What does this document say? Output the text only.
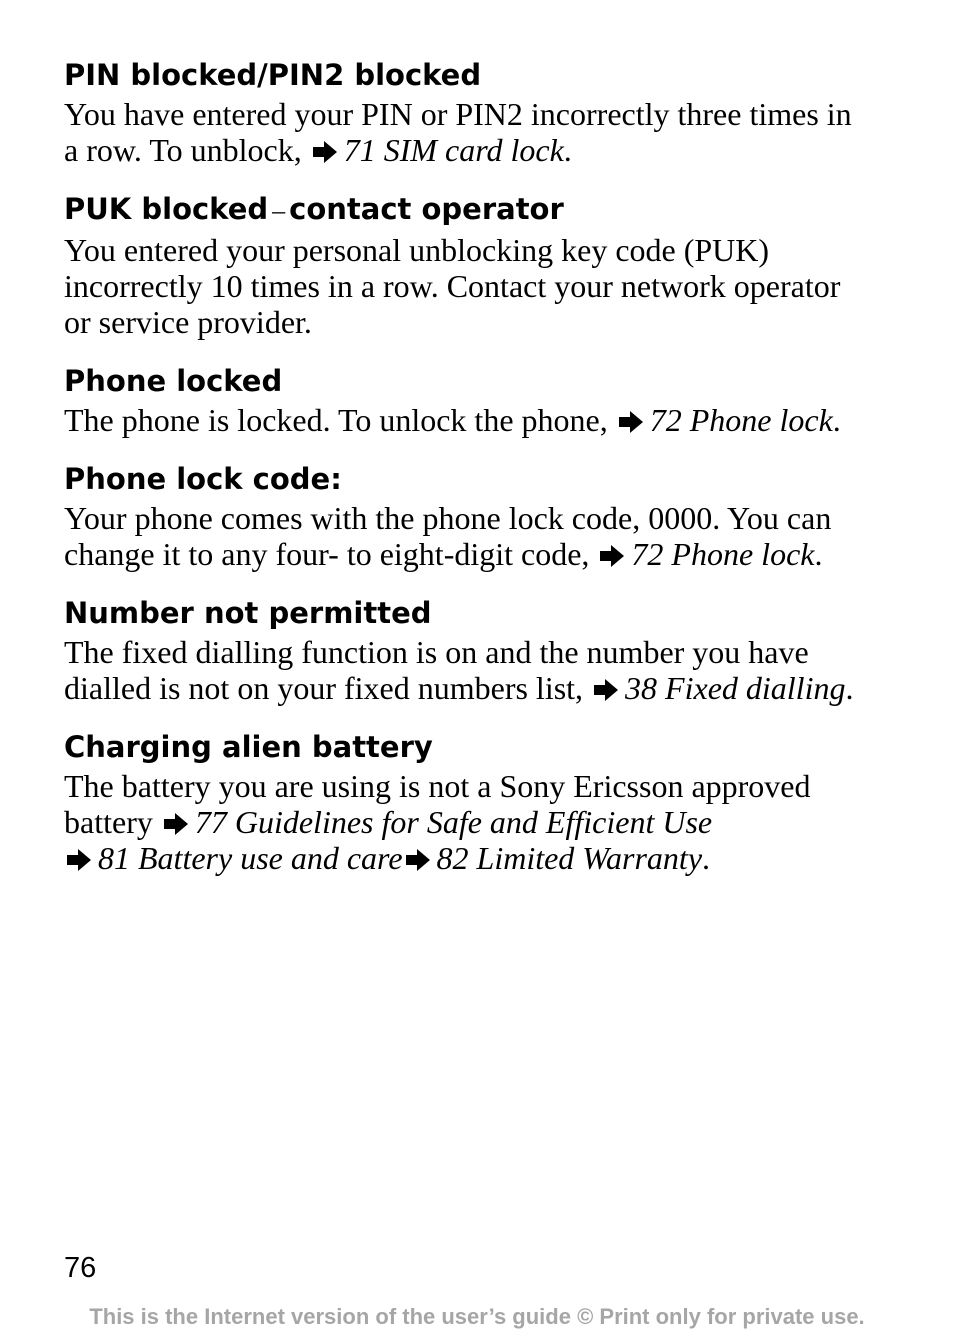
PIN blocked/PIN2 blocked

You have entered your PIN or PIN2 incorrectly three times in
a row. To unblock,
71 SIM card lock.

PUK blocked – contact operator

You entered your personal unblocking key code (PUK)
incorrectly 10 times in a row. Contact your network operator
or service provider.

Phone locked

The phone is locked. To unlock the phone,
72 Phone lock.

Phone lock code:

Your phone comes with the phone lock code, 0000. You can
change it to any four- to eight-digit code,
72 Phone lock.

Number not permitted

The fixed dialling function is on and the number you have
dialled is not on your fixed numbers list,
38 Fixed dialling.

Charging alien battery

The battery you are using is not a Sony Ericsson approved
battery
77 Guidelines for Safe and Efficient Use
81 Battery use and care 82 Limited Warranty.

76

This is the Internet version of the user’s guide © Print only for private use.
